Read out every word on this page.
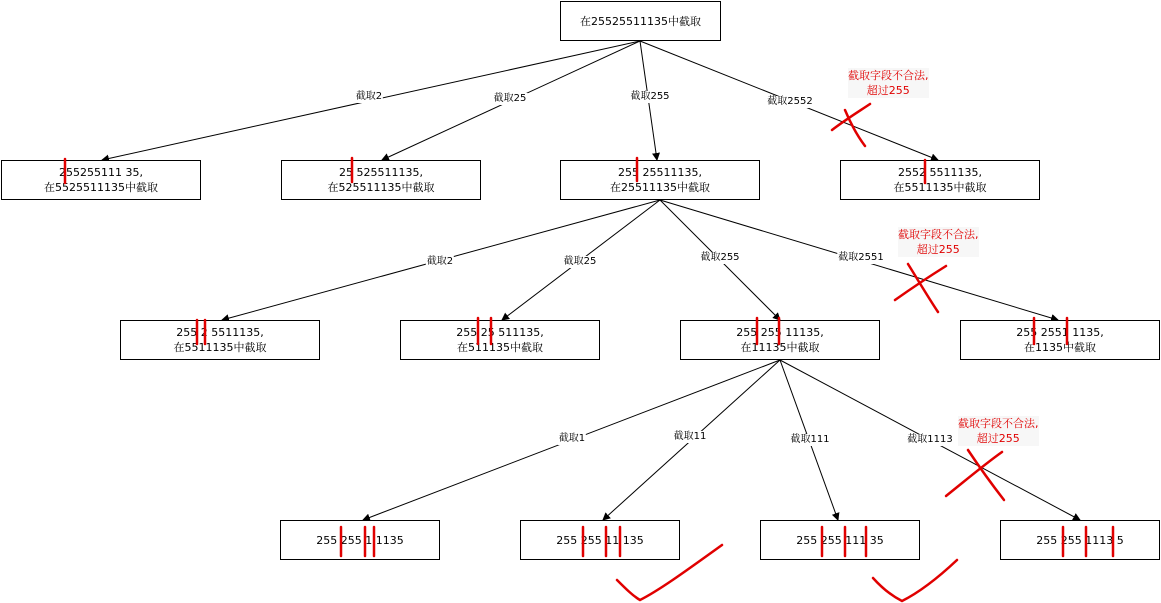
在25525511135中截取
255255111 35,
在5525511135中截取
25 525511135,
在525511135中截取
255 25511135,
在25511135中截取
2552 5511135,
在5511135中截取
255 2 5511135,
在5511135中截取
255 25 511135,
在511135中截取
255 255 11135,
在11135中截取
255 2551 1135,
在1135中截取
255 255 1 1135	255 255 11 135	255 255 111 35	255 255 1113 5
截取2	截取25	截取255	截取2552
截取2	截取25	截取255	截取2551
截取1	截取11	截取111	截取1113
截取字段不合法,
超过255
截取字段不合法,
超过255
截取字段不合法,
超过255
